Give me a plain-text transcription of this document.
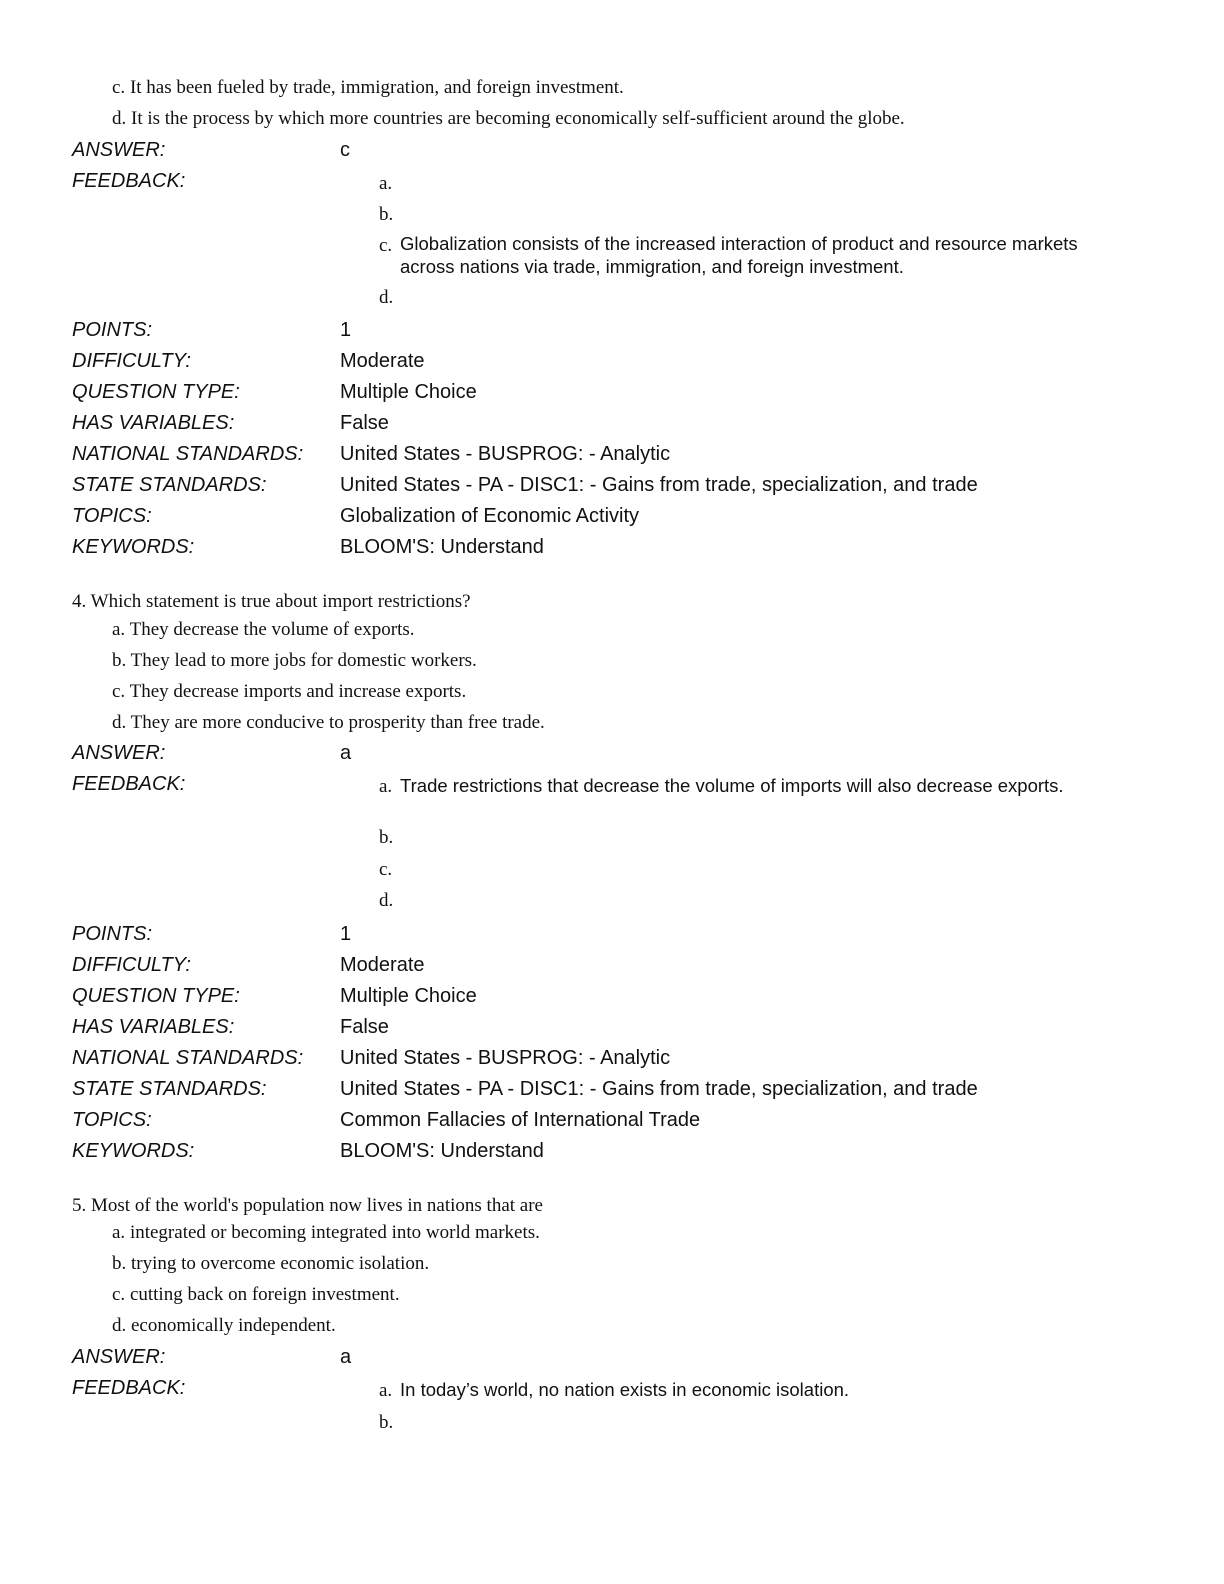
c. It has been fueled by trade, immigration, and foreign investment.
d. It is the process by which more countries are becoming economically self-sufficient around the globe.
ANSWER:	c
FEEDBACK:	a.
b.
c. Globalization consists of the increased interaction of product and resource markets across nations via trade, immigration, and foreign investment.
d.
POINTS:	1
DIFFICULTY:	Moderate
QUESTION TYPE:	Multiple Choice
HAS VARIABLES:	False
NATIONAL STANDARDS: United States - BUSPROG: - Analytic
STATE STANDARDS:	United States - PA - DISC1: - Gains from trade, specialization, and trade
TOPICS:	Globalization of Economic Activity
KEYWORDS:	BLOOM'S: Understand
4. Which statement is true about import restrictions?
a. They decrease the volume of exports.
b. They lead to more jobs for domestic workers.
c. They decrease imports and increase exports.
d. They are more conducive to prosperity than free trade.
ANSWER:	a
FEEDBACK:	a. Trade restrictions that decrease the volume of imports will also decrease exports.
b.
c.
d.
POINTS:	1
DIFFICULTY:	Moderate
QUESTION TYPE:	Multiple Choice
HAS VARIABLES:	False
NATIONAL STANDARDS: United States - BUSPROG: - Analytic
STATE STANDARDS:	United States - PA - DISC1: - Gains from trade, specialization, and trade
TOPICS:	Common Fallacies of International Trade
KEYWORDS:	BLOOM'S: Understand
5. Most of the world's population now lives in nations that are
a. integrated or becoming integrated into world markets.
b. trying to overcome economic isolation.
c. cutting back on foreign investment.
d. economically independent.
ANSWER:	a
FEEDBACK:	a. In today’s world, no nation exists in economic isolation.
b.
